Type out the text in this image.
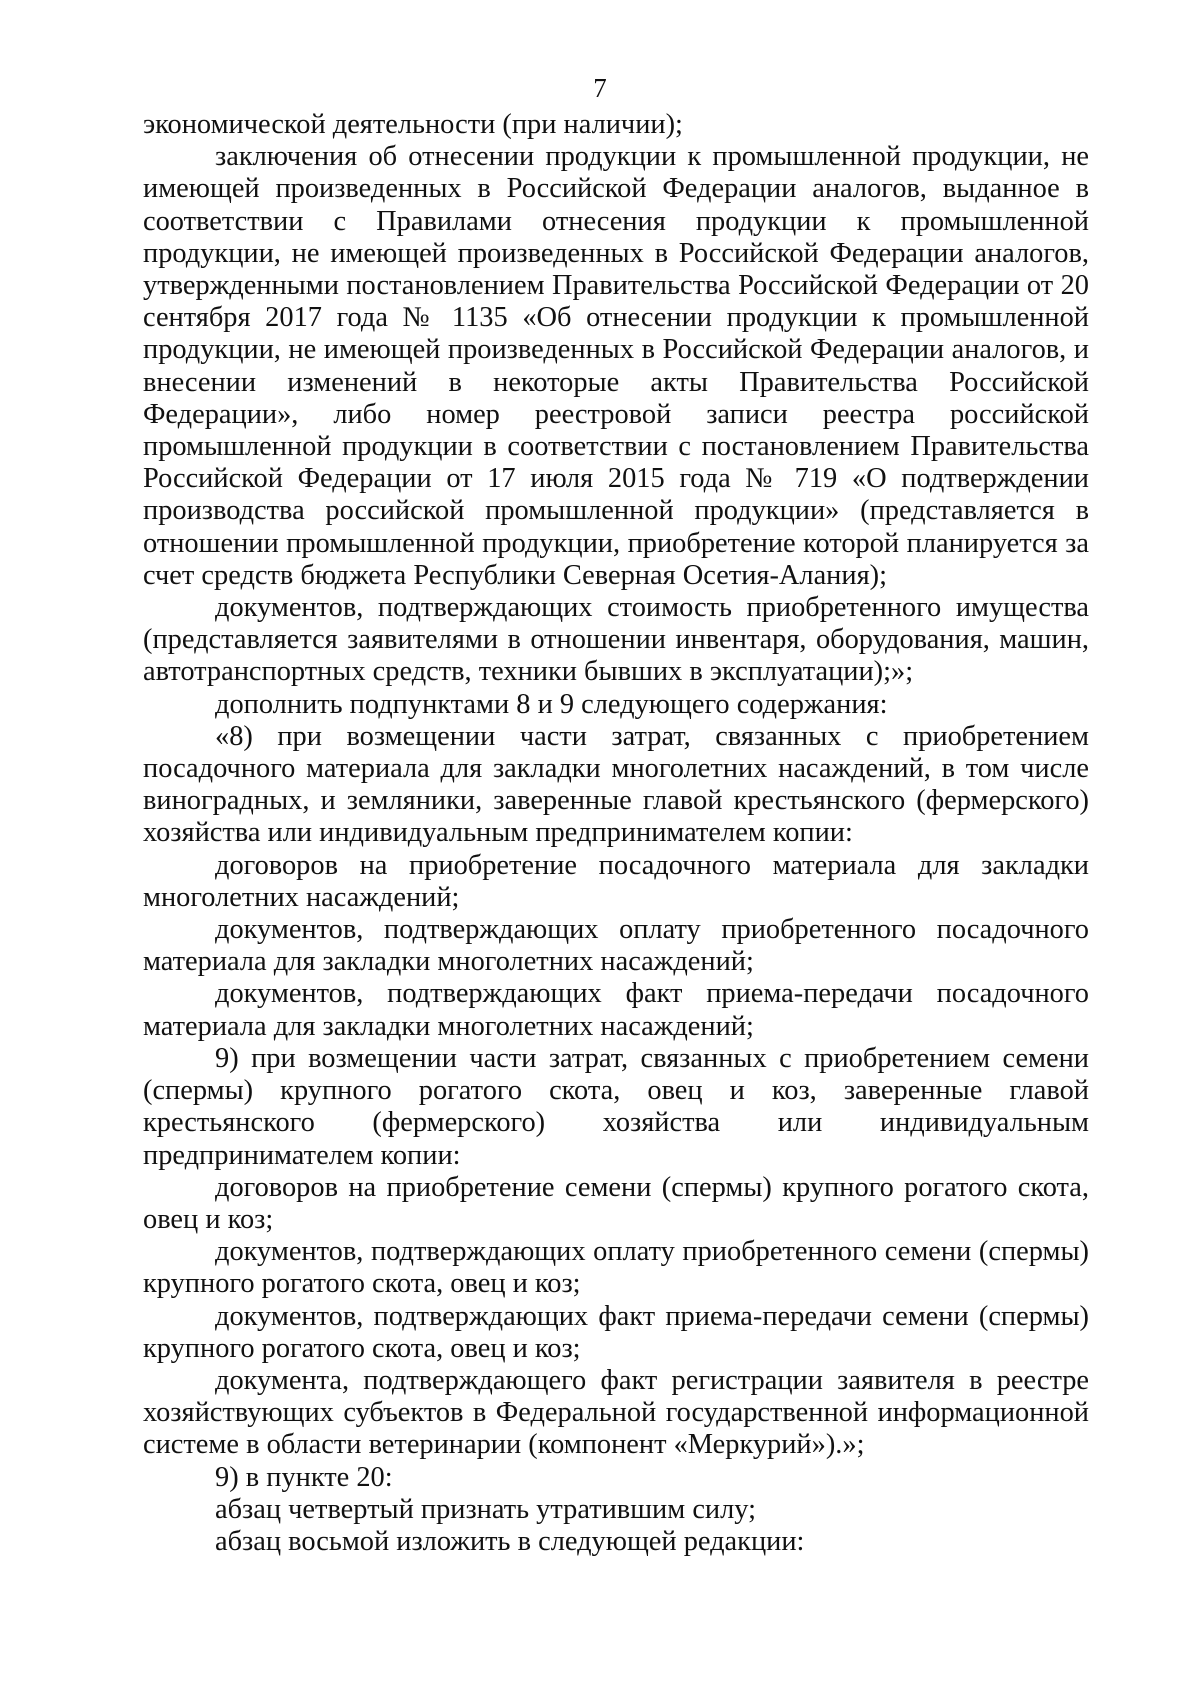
7

экономической деятельности (при наличии);

заключения об отнесении продукции к промышленной продукции, не имеющей произведенных в Российской Федерации аналогов, выданное в соответствии с Правилами отнесения продукции к промышленной продукции, не имеющей произведенных в Российской Федерации аналогов, утвержденными постановлением Правительства Российской Федерации от 20 сентября 2017 года № 1135 «Об отнесении продукции к промышленной продукции, не имеющей произведенных в Российской Федерации аналогов, и внесении изменений в некоторые акты Правительства Российской Федерации», либо номер реестровой записи реестра российской промышленной продукции в соответствии с постановлением Правительства Российской Федерации от 17 июля 2015 года № 719 «О подтверждении производства российской промышленной продукции» (представляется в отношении промышленной продукции, приобретение которой планируется за счет средств бюджета Республики Северная Осетия-Алания);

документов, подтверждающих стоимость приобретенного имущества (представляется заявителями в отношении инвентаря, оборудования, машин, автотранспортных средств, техники бывших в эксплуатации);»;

дополнить подпунктами 8 и 9 следующего содержания:

«8) при возмещении части затрат, связанных с приобретением посадочного материала для закладки многолетних насаждений, в том числе виноградных, и земляники, заверенные главой крестьянского (фермерского) хозяйства или индивидуальным предпринимателем копии:

договоров на приобретение посадочного материала для закладки многолетних насаждений;

документов, подтверждающих оплату приобретенного посадочного материала для закладки многолетних насаждений;

документов, подтверждающих факт приема-передачи посадочного материала для закладки многолетних насаждений;

9) при возмещении части затрат, связанных с приобретением семени (спермы) крупного рогатого скота, овец и коз, заверенные главой крестьянского (фермерского) хозяйства или индивидуальным предпринимателем копии:

договоров на приобретение семени (спермы) крупного рогатого скота, овец и коз;

документов, подтверждающих оплату приобретенного семени (спермы) крупного рогатого скота, овец и коз;

документов, подтверждающих факт приема-передачи семени (спермы) крупного рогатого скота, овец и коз;

документа, подтверждающего факт регистрации заявителя в реестре хозяйствующих субъектов в Федеральной государственной информационной системе в области ветеринарии (компонент «Меркурий»).»;

9) в пункте 20:

абзац четвертый признать утратившим силу;

абзац восьмой изложить в следующей редакции:
